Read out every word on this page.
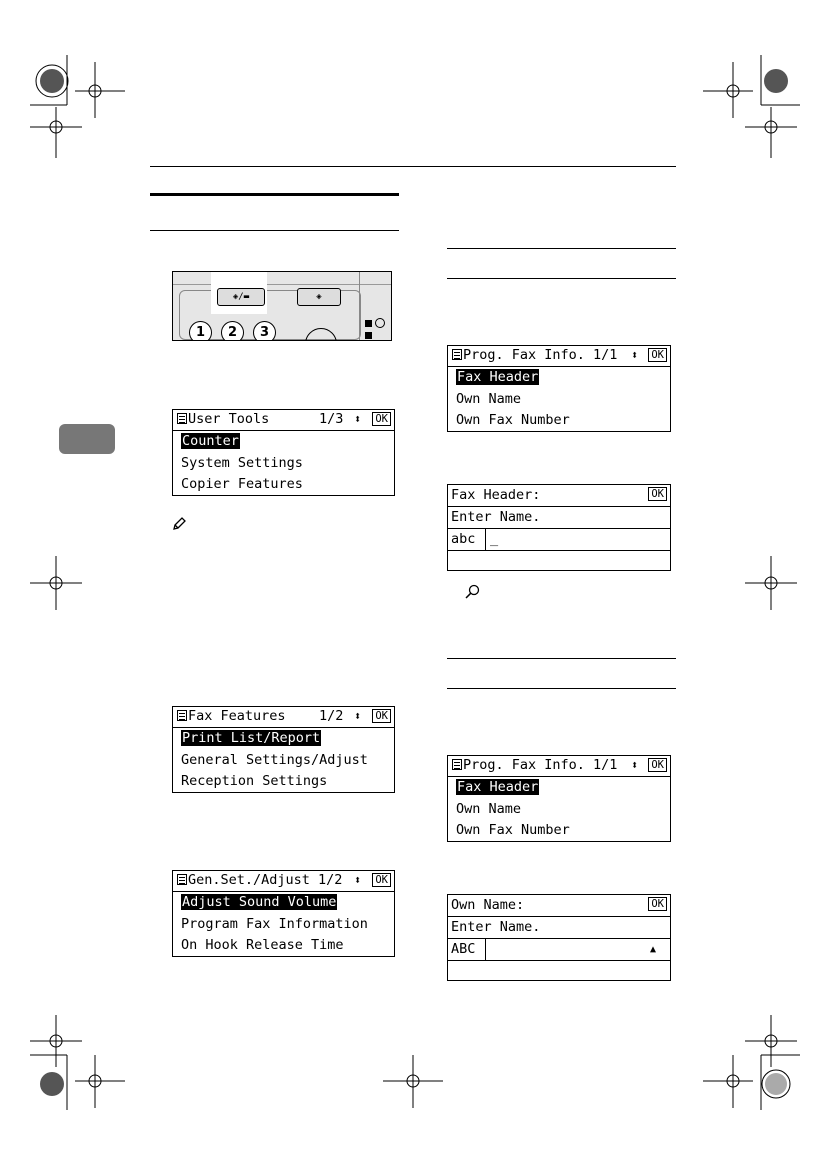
◈/▬	◈
1	2	3
User Tools	1/3 ⬍ OK
Counter
System Settings
Copier Features
Fax Features 1/2 ⬍ OK
Print List/Report
General Settings/Adjust
Reception Settings
Gen.Set./Adjust 1/2 ⬍ OK
Adjust Sound Volume
Program Fax Information
On Hook Release Time
Prog. Fax Info. 1/1 ⬍ OK
Fax Header
Own Name
Own Fax Number
Fax Header:	OK
Enter Name.
abc _
Prog. Fax Info. 1/1 ⬍ OK
Fax Header
Own Name
Own Fax Number
Own Name:	OK
Enter Name.
ABC	▲
